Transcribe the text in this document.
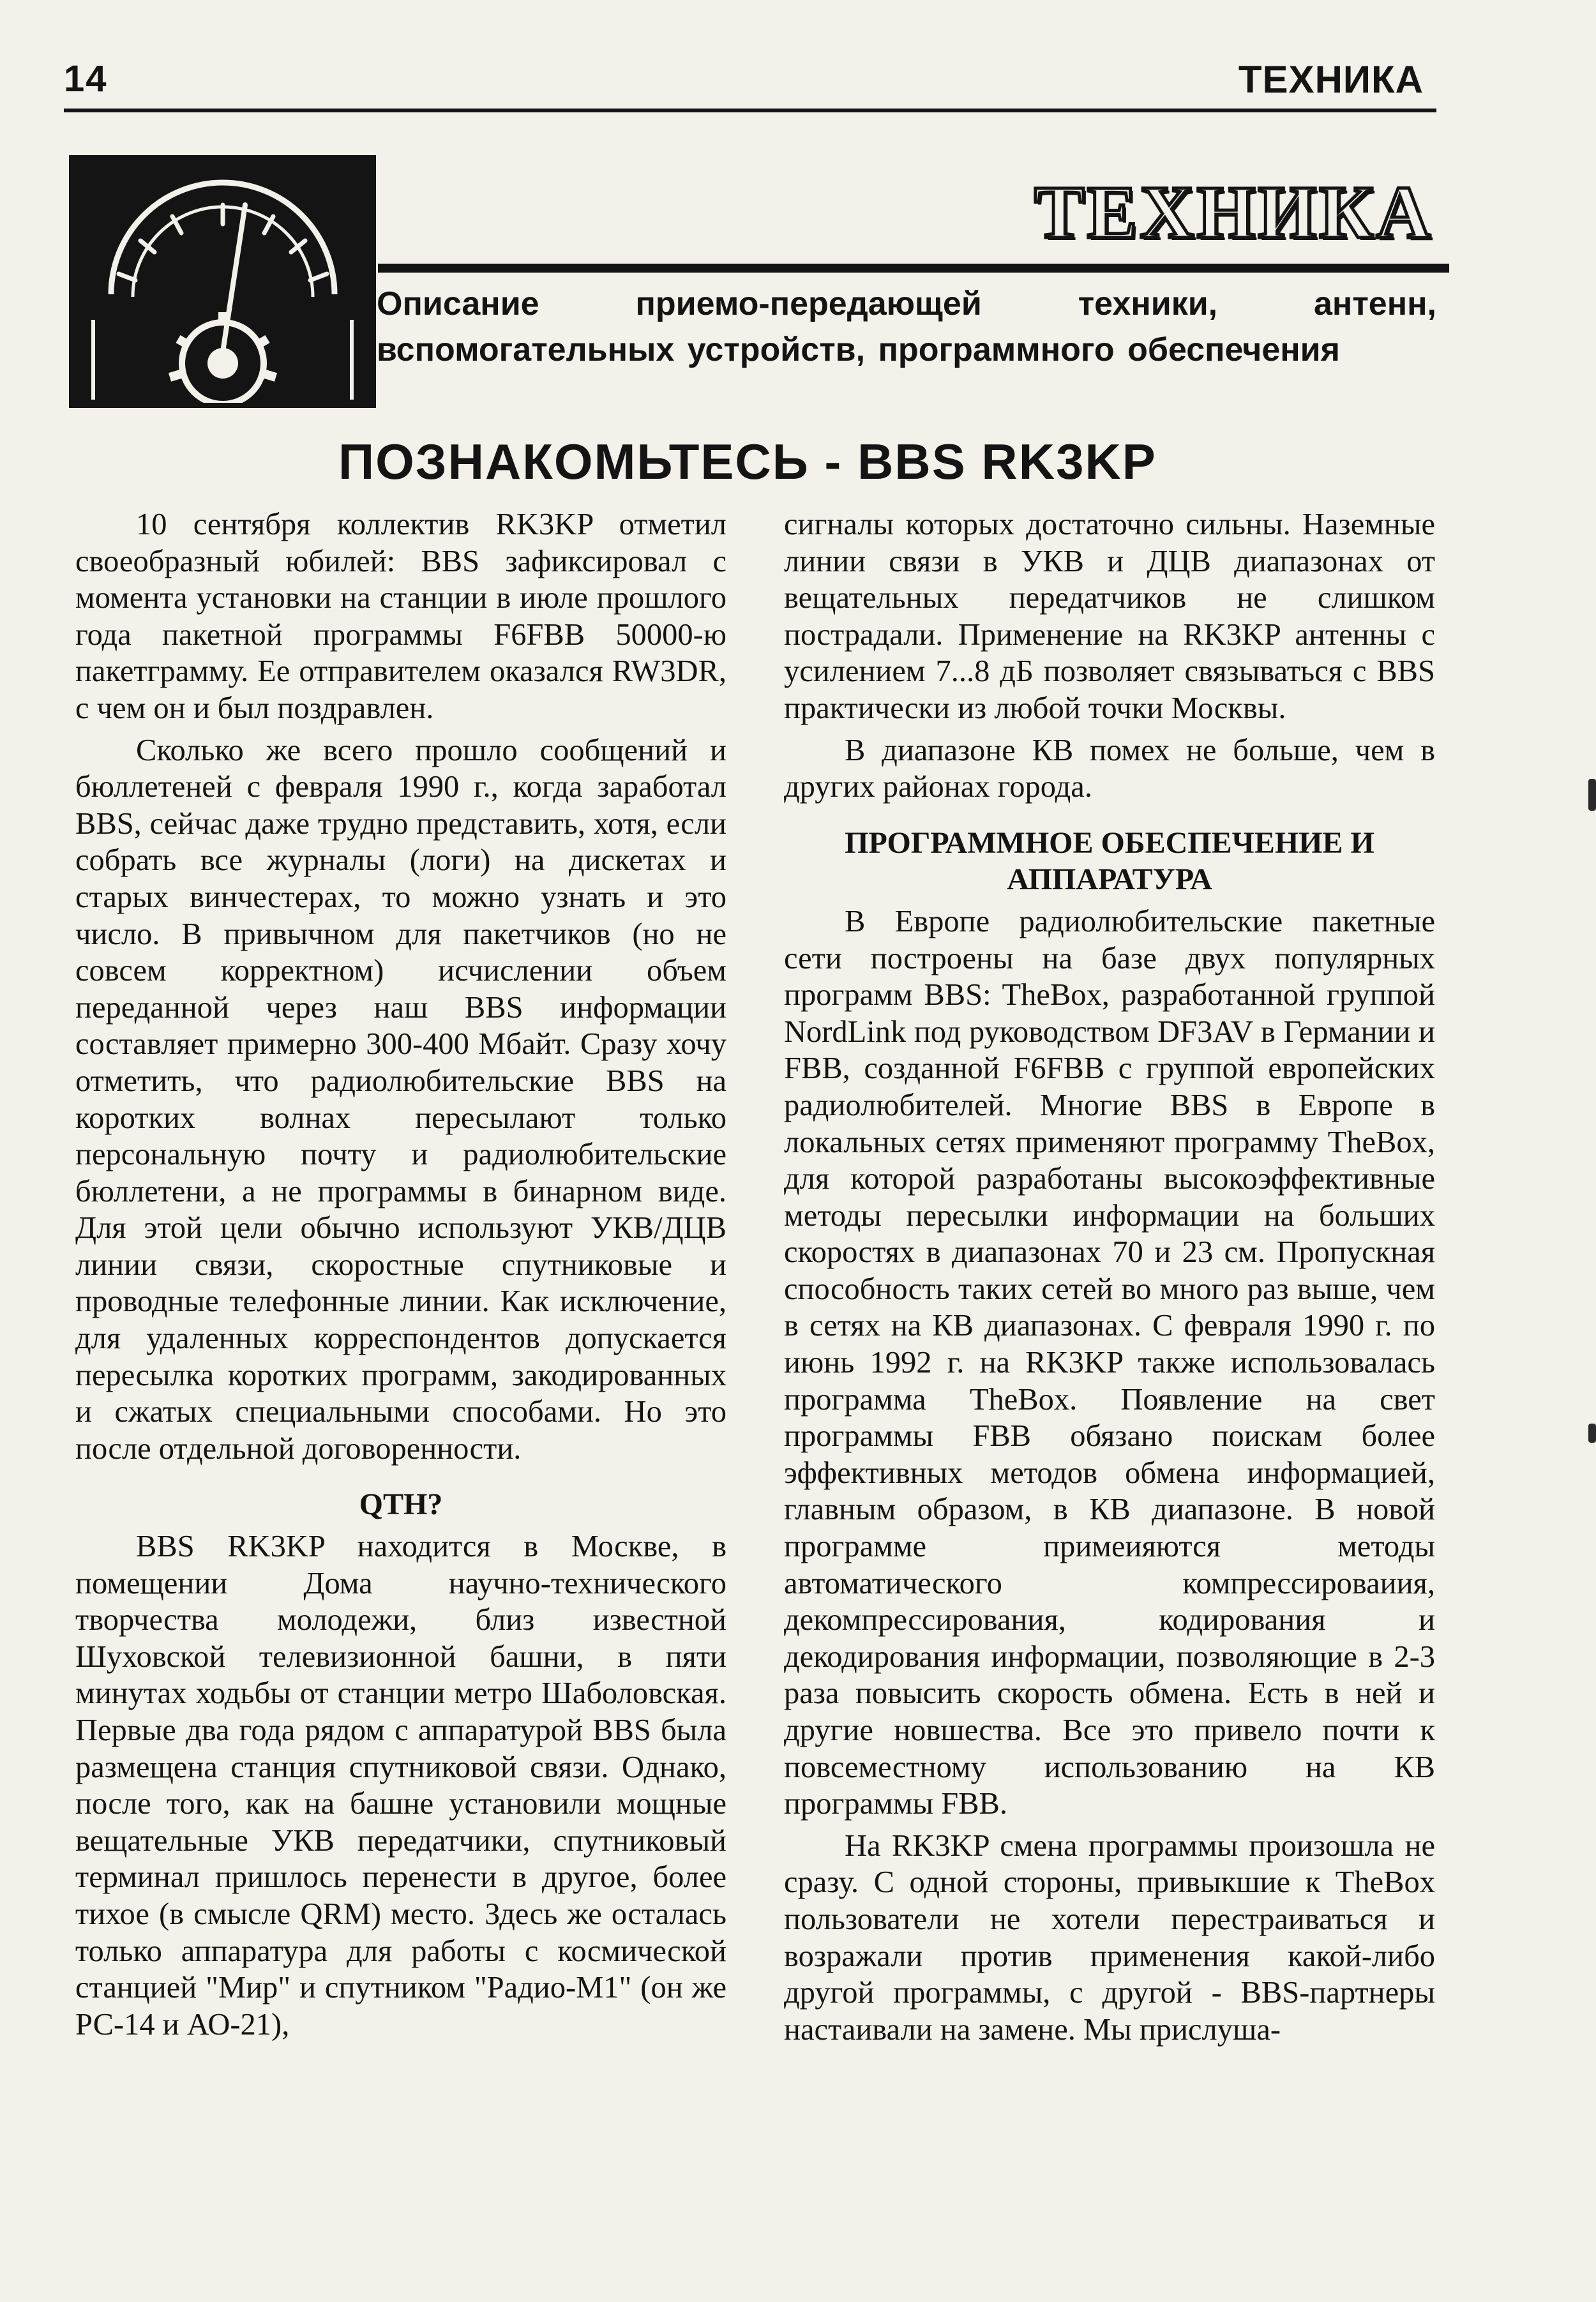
14	ТЕХНИКА
ТЕХНИКА
Описание приемо-передающей техники, антенн, вспомогательных устройств, программного обеспечения
ПОЗНАКОМЬТЕСЬ - BBS RK3KP

10 сентября коллектив RK3KP отметил своеобразный юбилей: BBS зафиксировал с момента установки на станции в июле прошлого года пакетной программы F6FBB 50000-ю пакетграмму. Ее отправителем оказался RW3DR, с чем он и был поздравлен.

Сколько же всего прошло сообщений и бюллетеней с февраля 1990 г., когда заработал BBS, сейчас даже трудно представить, хотя, если собрать все журналы (логи) на дискетах и старых винчестерах, то можно узнать и это число. В привычном для пакетчиков (но не совсем корректном) исчислении объем переданной через наш BBS информации составляет примерно 300-400 Мбайт. Сразу хочу отметить, что радиолюбительские BBS на коротких волнах пересылают только персональную почту и радиолюбительские бюллетени, а не программы в бинарном виде. Для этой цели обычно используют УКВ/ДЦВ линии связи, скоростные спутниковые и проводные телефонные линии. Как исключение, для удаленных корреспондентов допускается пересылка коротких программ, закодированных и сжатых специальными способами. Но это после отдельной договоренности.

QTH?

BBS RK3KP находится в Москве, в помещении Дома научно-технического творчества молодежи, близ известной Шуховской телевизионной башни, в пяти минутах ходьбы от станции метро Шаболовская. Первые два года рядом с аппаратурой BBS была размещена станция спутниковой связи. Однако, после того, как на башне установили мощные вещательные УКВ передатчики, спутниковый терминал пришлось перенести в другое, более тихое (в смысле QRM) место. Здесь же осталась только аппаратура для работы с космической станцией "Мир" и спутником "Радио-М1" (он же РС-14 и АО-21),

сигналы которых достаточно сильны. Наземные линии связи в УКВ и ДЦВ диапазонах от вещательных передатчиков не слишком пострадали. Применение на RK3KP антенны с усилением 7...8 дБ позволяет связываться с BBS практически из любой точки Москвы.

В диапазоне КВ помех не больше, чем в других районах города.

ПРОГРАММНОЕ ОБЕСПЕЧЕНИЕ И АППАРАТУРА

В Европе радиолюбительские пакетные сети построены на базе двух популярных программ BBS: TheBox, разработанной группой NordLink под руководством DF3AV в Германии и FBB, созданной F6FBB с группой европейских радиолюбителей. Многие BBS в Европе в локальных сетях применяют программу TheBox, для которой разработаны высокоэффективные методы пересылки информации на больших скоростях в диапазонах 70 и 23 см. Пропускная способность таких сетей во много раз выше, чем в сетях на КВ диапазонах. С февраля 1990 г. по июнь 1992 г. на RK3KP также использовалась программа TheBox. Появление на свет программы FBB обязано поискам более эффективных методов обмена информацией, главным образом, в КВ диапазоне. В новой программе примеияются методы автоматического компрессироваиия, декомпрессирования, кодирования и декодирования информации, позволяющие в 2-3 раза повысить скорость обмена. Есть в ней и другие новшества. Все это привело почти к повсеместному использованию на КВ программы FBB.

На RK3KP смена программы произошла не сразу. С одной стороны, привыкшие к TheBox пользователи не хотели перестраиваться и возражали против применения какой-либо другой программы, с другой - BBS-партнеры настаивали на замене. Мы прислуша-
